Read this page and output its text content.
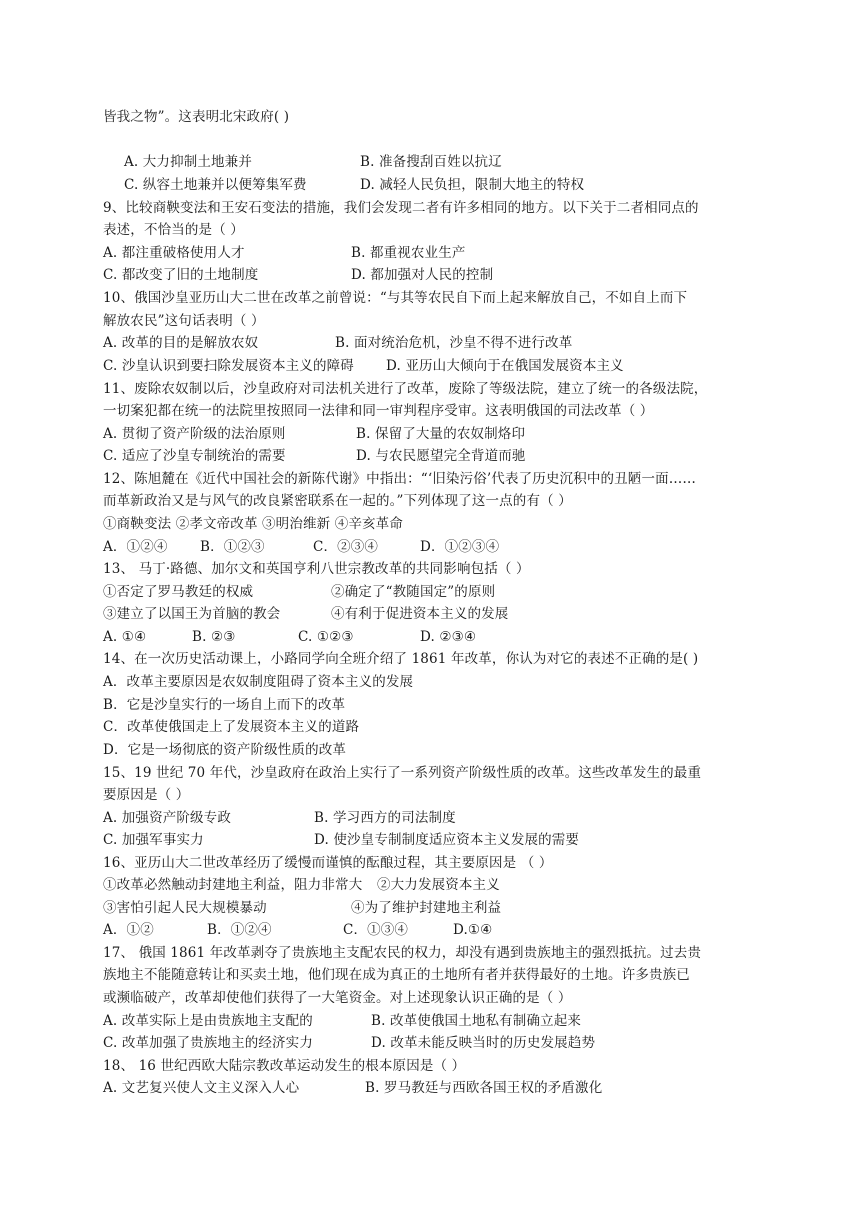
皆我之物”。这表明北宋政府( )
A. 大力抑制土地兼并	B. 准备搜刮百姓以抗辽
C. 纵容土地兼并以便筹集军费	D. 减轻人民负担，限制大地主的特权
9、比较商鞅变法和王安石变法的措施，我们会发现二者有许多相同的地方。以下关于二者相同点的
表述，不恰当的是（ ）
A. 都注重破格使用人才	B. 都重视农业生产
C. 都改变了旧的土地制度	D. 都加强对人民的控制
10、俄国沙皇亚历山大二世在改革之前曾说：“与其等农民自下而上起来解放自己，不如自上而下
解放农民”这句话表明（ ）
A. 改革的目的是解放农奴	B. 面对统治危机，沙皇不得不进行改革
C. 沙皇认识到要扫除发展资本主义的障碍 D. 亚历山大倾向于在俄国发展资本主义
11、废除农奴制以后，沙皇政府对司法机关进行了改革，废除了等级法院，建立了统一的各级法院，
一切案犯都在统一的法院里按照同一法律和同一审判程序受审。这表明俄国的司法改革（ ）
A. 贯彻了资产阶级的法治原则	B. 保留了大量的农奴制烙印
C. 适应了沙皇专制统治的需要	D. 与农民愿望完全背道而驰
12、陈旭麓在《近代中国社会的新陈代谢》中指出：“‘旧染污俗’代表了历史沉积中的丑陋一面……
而革新政治又是与风气的改良紧密联系在一起的。”下列体现了这一点的有（ ）
①商鞅变法 ②孝文帝改革 ③明治维新 ④辛亥革命
A．①②④ B．①②③	C．②③④	D．①②③④
13、 马丁·路德、加尔文和英国亨利八世宗教改革的共同影响包括（ ）
①否定了罗马教廷的权威	②确定了“教随国定”的原则
③建立了以国王为首脑的教会	④有利于促进资本主义的发展
A. ①④	B. ②③	C. ①②③	D. ②③④
14、在一次历史活动课上，小路同学向全班介绍了 1861 年改革，你认为对它的表述不正确的是( )
A．改革主要原因是农奴制度阻碍了资本主义的发展
B．它是沙皇实行的一场自上而下的改革
C．改革使俄国走上了发展资本主义的道路
D．它是一场彻底的资产阶级性质的改革
15、19 世纪 70 年代，沙皇政府在政治上实行了一系列资产阶级性质的改革。这些改革发生的最重
要原因是（ ）
A. 加强资产阶级专政	B. 学习西方的司法制度
C. 加强军事实力	D. 使沙皇专制制度适应资本主义发展的需要
16、亚历山大二世改革经历了缓慢而谨慎的酝酿过程，其主要原因是 （ ）
①改革必然触动封建地主利益，阻力非常大 ②大力发展资本主义
③害怕引起人民大规模暴动	④为了维护封建地主利益
A．①②	B．①②④	C．①③④	D.①④
17、 俄国 1861 年改革剥夺了贵族地主支配农民的权力，却没有遇到贵族地主的强烈抵抗。过去贵
族地主不能随意转让和买卖土地，他们现在成为真正的土地所有者并获得最好的土地。许多贵族已
或濒临破产，改革却使他们获得了一大笔资金。对上述现象认识正确的是（ ）
A. 改革实际上是由贵族地主支配的	B. 改革使俄国土地私有制确立起来
C. 改革加强了贵族地主的经济实力	D. 改革未能反映当时的历史发展趋势
18、 16 世纪西欧大陆宗教改革运动发生的根本原因是（ ）
A. 文艺复兴使人文主义深入人心	B. 罗马教廷与西欧各国王权的矛盾激化
